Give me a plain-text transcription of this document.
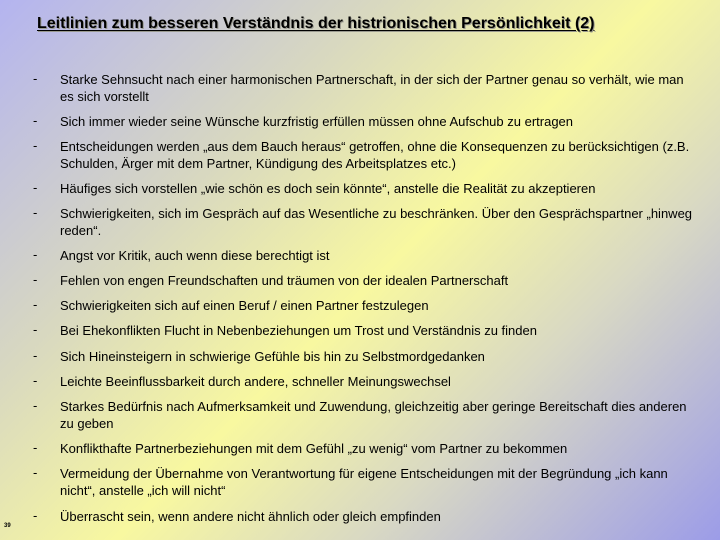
Leitlinien zum besseren Verständnis der histrionischen Persönlichkeit (2)
- Starke Sehnsucht nach einer harmonischen Partnerschaft, in der sich der Partner genau so verhält, wie man es sich vorstellt
- Sich immer wieder seine Wünsche kurzfristig erfüllen müssen ohne Aufschub zu ertragen
- Entscheidungen werden „aus dem Bauch heraus“ getroffen, ohne die Konsequenzen zu berücksichtigen (z.B. Schulden, Ärger mit dem Partner, Kündigung des Arbeitsplatzes etc.)
- Häufiges sich vorstellen „wie schön es doch sein könnte“, anstelle die Realität zu akzeptieren
- Schwierigkeiten, sich im Gespräch auf das Wesentliche zu beschränken. Über den Gesprächspartner „hinweg reden“.
- Angst vor Kritik, auch wenn diese berechtigt ist
- Fehlen von engen Freundschaften und träumen von der idealen Partnerschaft
- Schwierigkeiten sich auf einen Beruf / einen Partner festzulegen
- Bei Ehekonflikten Flucht in Nebenbeziehungen um Trost und Verständnis zu finden
- Sich Hineinsteigern in schwierige Gefühle bis hin zu Selbstmordgedanken
- Leichte Beeinflussbarkeit durch andere, schneller Meinungswechsel
- Starkes Bedürfnis nach Aufmerksamkeit und Zuwendung, gleichzeitig aber geringe Bereitschaft dies anderen zu geben
- Konflikthafte Partnerbeziehungen mit dem Gefühl „zu wenig“ vom Partner zu bekommen
- Vermeidung der Übernahme von Verantwortung für eigene Entscheidungen mit der Begründung „ich kann nicht“, anstelle „ich will nicht“
- Überrascht sein, wenn andere nicht ähnlich oder gleich empfinden
39
